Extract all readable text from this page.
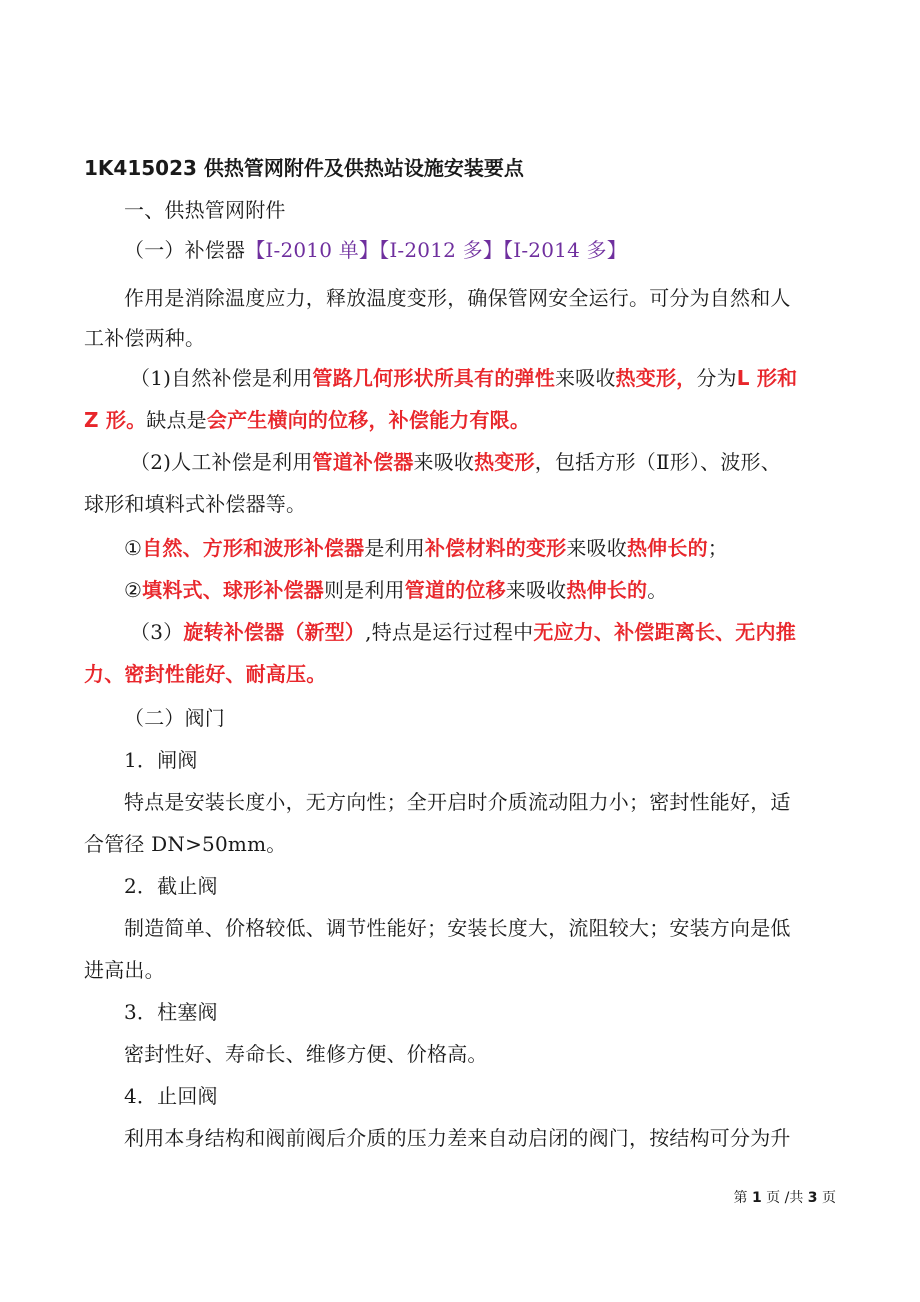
1K415023 供热管网附件及供热站设施安装要点
一、供热管网附件
（一）补偿器【I-2010 单】【I-2012 多】【I-2014 多】
作用是消除温度应力，释放温度变形，确保管网安全运行。可分为自然和人
工补偿两种。
（1)自然补偿是利用管路几何形状所具有的弹性来吸收热变形，分为L 形和
Z 形。缺点是会产生横向的位移，补偿能力有限。
（2)人工补偿是利用管道补偿器来吸收热变形，包括方形（Ⅱ形）、波形、
球形和填料式补偿器等。
①自然、方形和波形补偿器是利用补偿材料的变形来吸收热伸长的；
②填料式、球形补偿器则是利用管道的位移来吸收热伸长的。
（3）旋转补偿器（新型）,特点是运行过程中无应力、补偿距离长、无内推
力、密封性能好、耐高压。
（二）阀门
1．闸阀
特点是安装长度小，无方向性；全开启时介质流动阻力小；密封性能好，适
合管径 DN>50mm。
2．截止阀
制造简单、价格较低、调节性能好；安装长度大，流阻较大；安装方向是低
进高出。
3．柱塞阀
密封性好、寿命长、维修方便、价格高。
4．止回阀
利用本身结构和阀前阀后介质的压力差来自动启闭的阀门，按结构可分为升
第 1 页 /共 3 页
